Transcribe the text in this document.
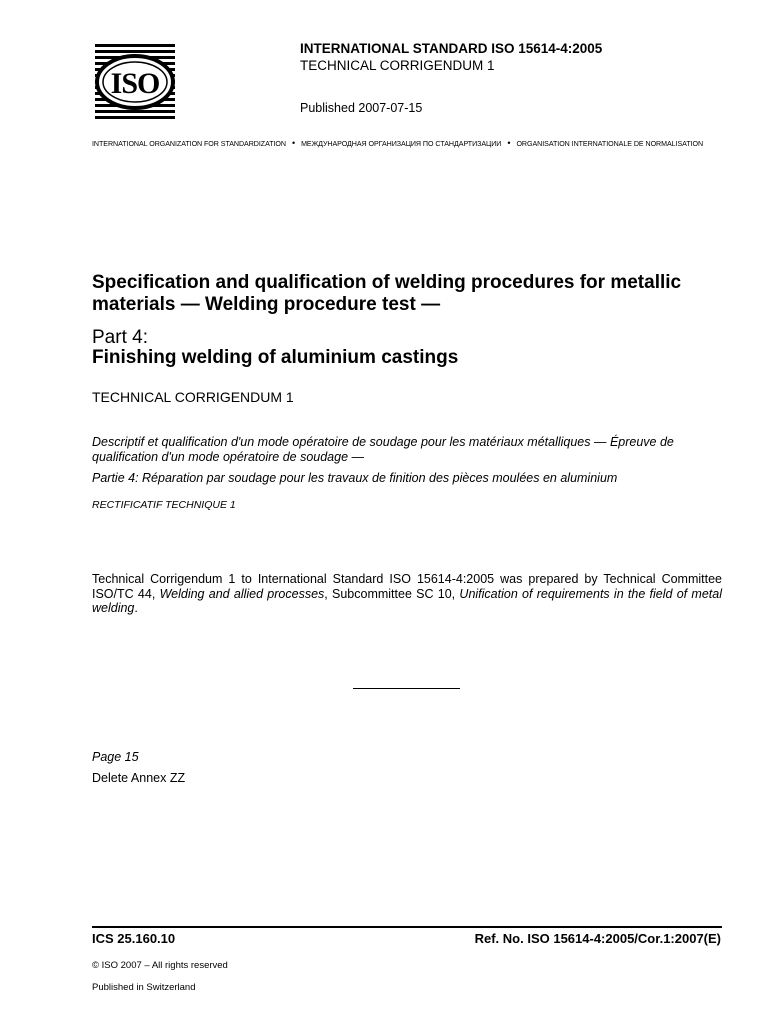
ISO
INTERNATIONAL STANDARD ISO 15614-4:2005
TECHNICAL CORRIGENDUM 1
Published 2007-07-15
INTERNATIONAL ORGANIZATION FOR STANDARDIZATION • МЕЖДУНАРОДНАЯ ОРГАНИЗАЦИЯ ПО СТАНДАРТИЗАЦИИ • ORGANISATION INTERNATIONALE DE NORMALISATION
Specification and qualification of welding procedures for metallic materials — Welding procedure test —
Part 4:
Finishing welding of aluminium castings
TECHNICAL CORRIGENDUM 1
Descriptif et qualification d'un mode opératoire de soudage pour les matériaux métalliques — Épreuve de qualification d'un mode opératoire de soudage —
Partie 4: Réparation par soudage pour les travaux de finition des pièces moulées en aluminium
RECTIFICATIF TECHNIQUE 1
Technical Corrigendum 1 to International Standard ISO 15614-4:2005 was prepared by Technical Committee ISO/TC 44, Welding and allied processes, Subcommittee SC 10, Unification of requirements in the field of metal welding.
Page 15
Delete Annex ZZ
ICS 25.160.10	Ref. No. ISO 15614-4:2005/Cor.1:2007(E)
© ISO 2007 – All rights reserved
Published in Switzerland
